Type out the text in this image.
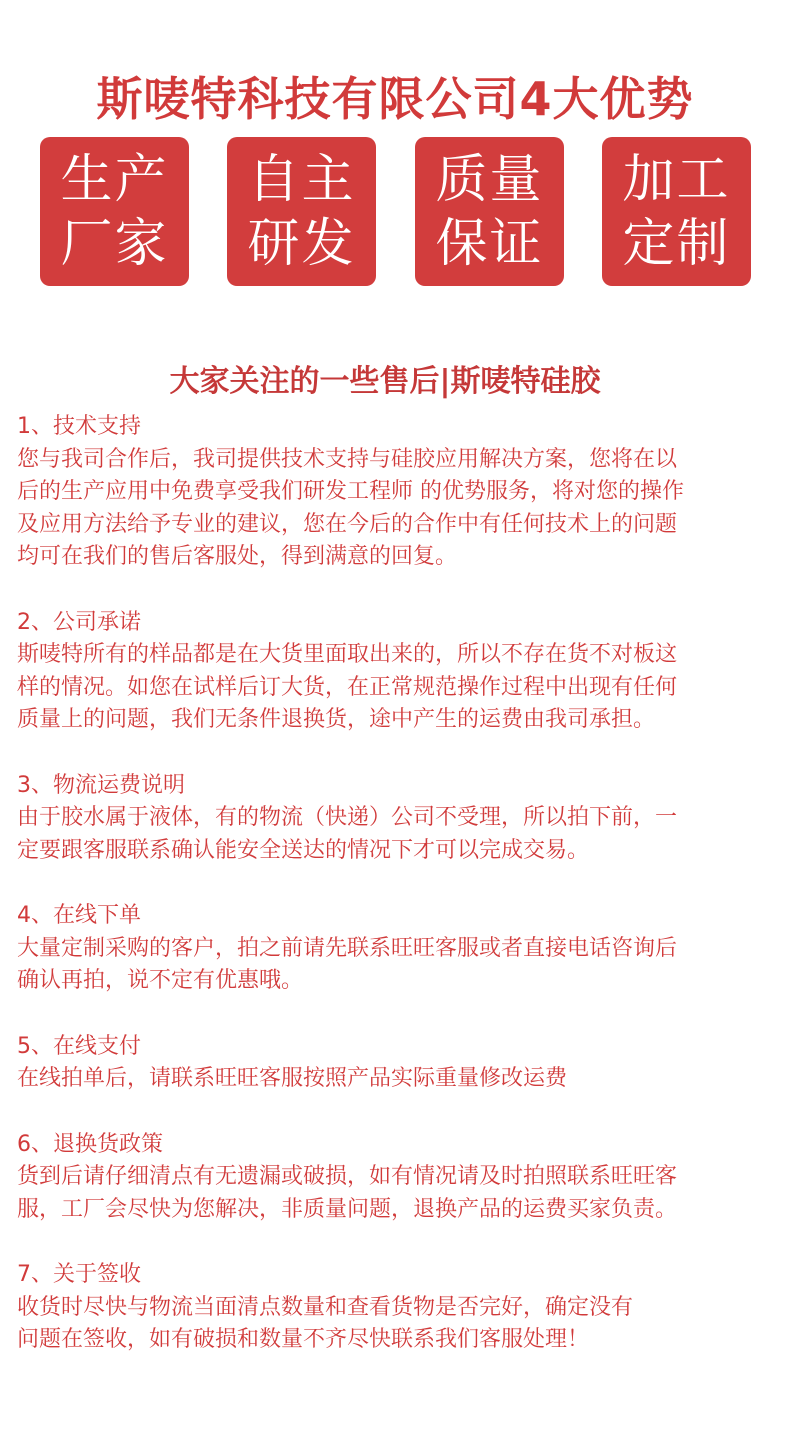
斯唛特科技有限公司4大优势
生产
厂家
自主
研发
质量
保证
加工
定制
大家关注的一些售后|斯唛特硅胶
1、技术支持
您与我司合作后，我司提供技术支持与硅胶应用解决方案，您将在以
后的生产应用中免费享受我们研发工程师 的优势服务，将对您的操作
及应用方法给予专业的建议，您在今后的合作中有任何技术上的问题
均可在我们的售后客服处，得到满意的回复。
2、公司承诺
斯唛特所有的样品都是在大货里面取出来的，所以不存在货不对板这
样的情况。如您在试样后订大货，在正常规范操作过程中出现有任何
质量上的问题，我们无条件退换货，途中产生的运费由我司承担。
3、物流运费说明
由于胶水属于液体，有的物流（快递）公司不受理，所以拍下前，一
定要跟客服联系确认能安全送达的情况下才可以完成交易。
4、在线下单
大量定制采购的客户，拍之前请先联系旺旺客服或者直接电话咨询后
确认再拍，说不定有优惠哦。
5、在线支付
在线拍单后，请联系旺旺客服按照产品实际重量修改运费
6、退换货政策
货到后请仔细清点有无遗漏或破损，如有情况请及时拍照联系旺旺客
服，工厂会尽快为您解决，非质量问题，退换产品的运费买家负责。
7、关于签收
收货时尽快与物流当面清点数量和查看货物是否完好，确定没有
问题在签收，如有破损和数量不齐尽快联系我们客服处理！
